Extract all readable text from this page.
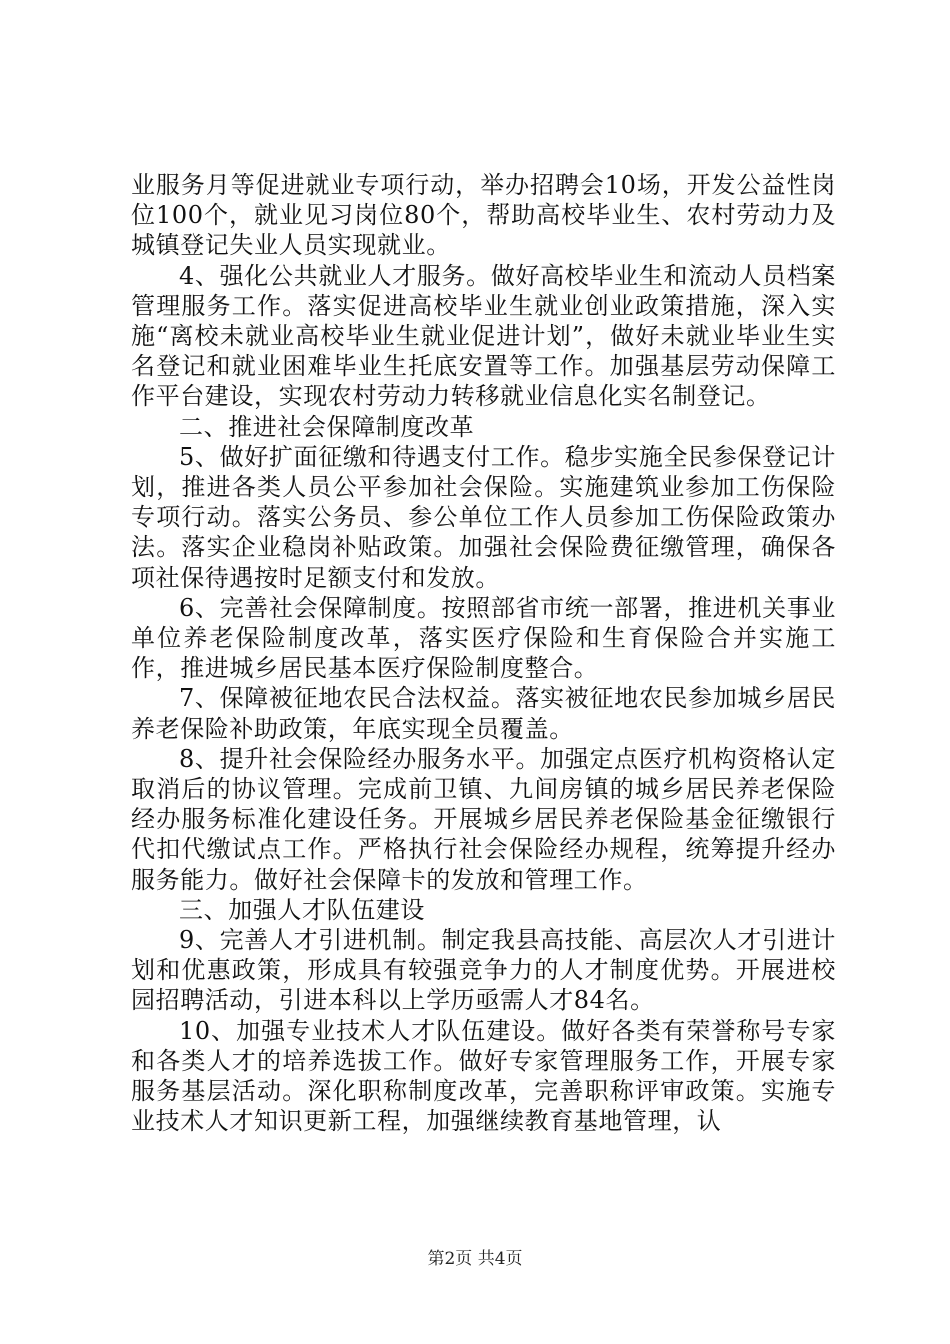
业服务月等促进就业专项行动，举办招聘会10场，开发公益性岗位100个，就业见习岗位80个，帮助高校毕业生、农村劳动力及城镇登记失业人员实现就业。

4、强化公共就业人才服务。做好高校毕业生和流动人员档案管理服务工作。落实促进高校毕业生就业创业政策措施，深入实施“离校未就业高校毕业生就业促进计划”，做好未就业毕业生实名登记和就业困难毕业生托底安置等工作。加强基层劳动保障工作平台建设，实现农村劳动力转移就业信息化实名制登记。

二、推进社会保障制度改革

5、做好扩面征缴和待遇支付工作。稳步实施全民参保登记计划，推进各类人员公平参加社会保险。实施建筑业参加工伤保险专项行动。落实公务员、参公单位工作人员参加工伤保险政策办法。落实企业稳岗补贴政策。加强社会保险费征缴管理，确保各项社保待遇按时足额支付和发放。

6、完善社会保障制度。按照部省市统一部署，推进机关事业单位养老保险制度改革，落实医疗保险和生育保险合并实施工作，推进城乡居民基本医疗保险制度整合。

7、保障被征地农民合法权益。落实被征地农民参加城乡居民养老保险补助政策，年底实现全员覆盖。

8、提升社会保险经办服务水平。加强定点医疗机构资格认定取消后的协议管理。完成前卫镇、九间房镇的城乡居民养老保险经办服务标准化建设任务。开展城乡居民养老保险基金征缴银行代扣代缴试点工作。严格执行社会保险经办规程，统筹提升经办服务能力。做好社会保障卡的发放和管理工作。

三、加强人才队伍建设

9、完善人才引进机制。制定我县高技能、高层次人才引进计划和优惠政策，形成具有较强竞争力的人才制度优势。开展进校园招聘活动，引进本科以上学历亟需人才84名。

10、加强专业技术人才队伍建设。做好各类有荣誉称号专家和各类人才的培养选拔工作。做好专家管理服务工作，开展专家服务基层活动。深化职称制度改革，完善职称评审政策。实施专业技术人才知识更新工程，加强继续教育基地管理，认

第2页 共4页
